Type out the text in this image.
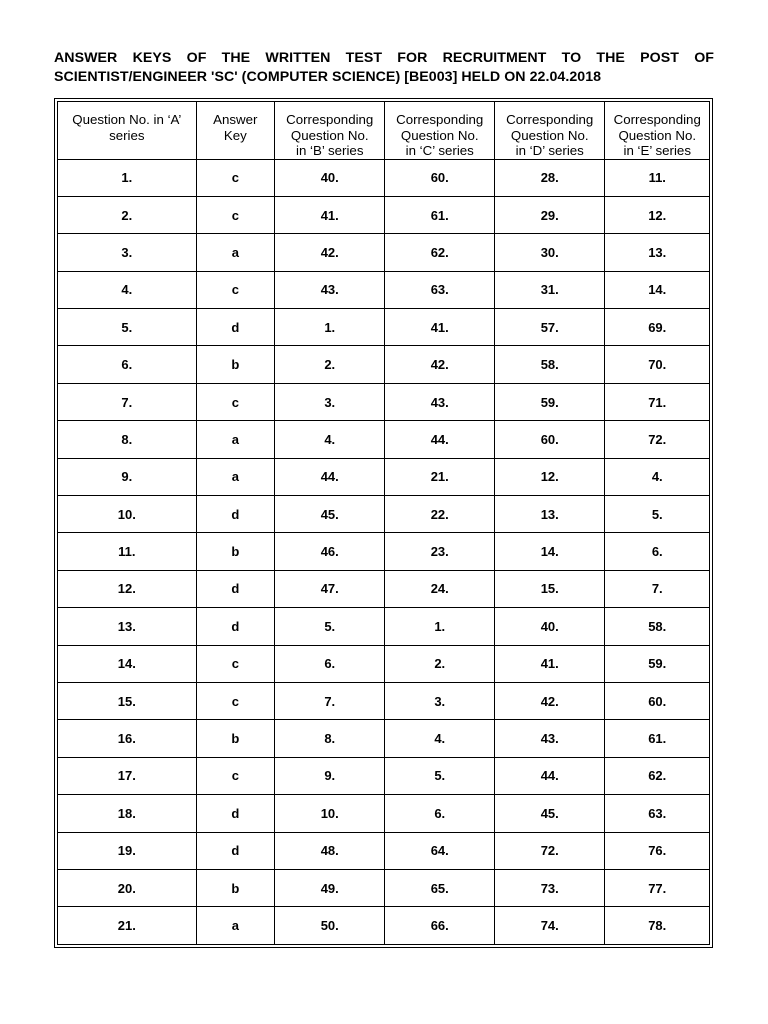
ANSWER KEYS OF THE WRITTEN TEST FOR RECRUITMENT TO THE POST OF
SCIENTIST/ENGINEER 'SC' (COMPUTER SCIENCE) [BE003] HELD ON 22.04.2018
Question No. in ‘A’
series	Answer
Key	Corresponding
Question No.
in ‘B’ series	Corresponding
Question No.
in ‘C’ series	Corresponding
Question No.
in ‘D’ series	Corresponding
Question No.
in ‘E’ series
1.	c	40.	60.	28.	11.
2.	c	41.	61.	29.	12.
3.	a	42.	62.	30.	13.
4.	c	43.	63.	31.	14.
5.	d	1.	41.	57.	69.
6.	b	2.	42.	58.	70.
7.	c	3.	43.	59.	71.
8.	a	4.	44.	60.	72.
9.	a	44.	21.	12.	4.
10.	d	45.	22.	13.	5.
11.	b	46.	23.	14.	6.
12.	d	47.	24.	15.	7.
13.	d	5.	1.	40.	58.
14.	c	6.	2.	41.	59.
15.	c	7.	3.	42.	60.
16.	b	8.	4.	43.	61.
17.	c	9.	5.	44.	62.
18.	d	10.	6.	45.	63.
19.	d	48.	64.	72.	76.
20.	b	49.	65.	73.	77.
21.	a	50.	66.	74.	78.
